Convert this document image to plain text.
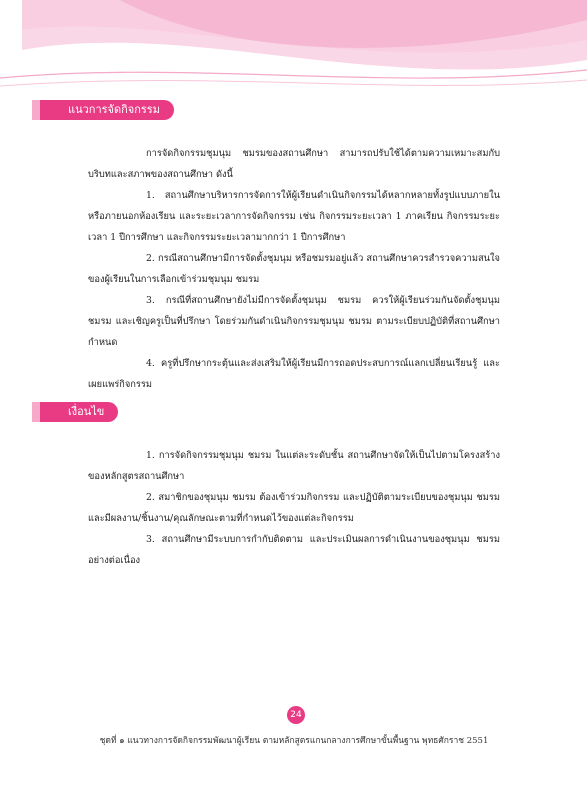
แนวการจัดกิจกรรม

การจัดกิจกรรมชุมนุม ชมรมของสถานศึกษา สามารถปรับใช้ได้ตามความเหมาะสมกับบริบทและสภาพของสถานศึกษา ดังนี้

1. สถานศึกษาบริหารการจัดการให้ผู้เรียนดำเนินกิจกรรมได้หลากหลายทั้งรูปแบบภายในหรือภายนอกห้องเรียน และระยะเวลาการจัดกิจกรรม เช่น กิจกรรมระยะเวลา 1 ภาคเรียน กิจกรรมระยะเวลา 1 ปีการศึกษา และกิจกรรมระยะเวลามากกว่า 1 ปีการศึกษา

2. กรณีสถานศึกษามีการจัดตั้งชุมนุม หรือชมรมอยู่แล้ว สถานศึกษาควรสำรวจความสนใจของผู้เรียนในการเลือกเข้าร่วมชุมนุม ชมรม

3. กรณีที่สถานศึกษายังไม่มีการจัดตั้งชุมนุม ชมรม ควรให้ผู้เรียนร่วมกันจัดตั้งชุมนุม ชมรม และเชิญครูเป็นที่ปรึกษา โดยร่วมกันดำเนินกิจกรรมชุมนุม ชมรม ตามระเบียบปฏิบัติที่สถานศึกษากำหนด

4. ครูที่ปรึกษากระตุ้นและส่งเสริมให้ผู้เรียนมีการถอดประสบการณ์แลกเปลี่ยนเรียนรู้ และเผยแพร่กิจกรรม

เงื่อนไข

1. การจัดกิจกรรมชุมนุม ชมรม ในแต่ละระดับชั้น สถานศึกษาจัดให้เป็นไปตามโครงสร้างของหลักสูตรสถานศึกษา

2. สมาชิกของชุมนุม ชมรม ต้องเข้าร่วมกิจกรรม และปฏิบัติตามระเบียบของชุมนุม ชมรม และมีผลงาน/ชิ้นงาน/คุณลักษณะตามที่กำหนดไว้ของแต่ละกิจกรรม

3. สถานศึกษามีระบบการกำกับติดตาม และประเมินผลการดำเนินงานของชุมนุม ชมรมอย่างต่อเนื่อง

24

ชุดที่ ๑ แนวทางการจัดกิจกรรมพัฒนาผู้เรียน ตามหลักสูตรแกนกลางการศึกษาขั้นพื้นฐาน พุทธศักราช 2551
